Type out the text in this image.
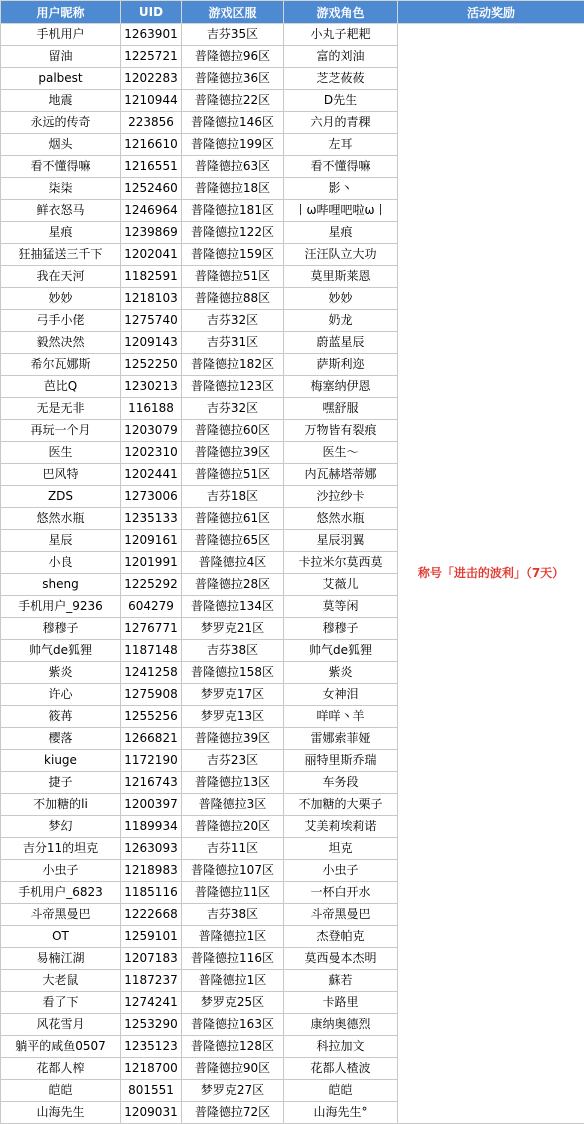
用户昵称	UID	游戏区服	游戏角色	活动奖励
手机用户	1263901	吉芬35区	小丸子耙耙	称号「进击的波利」（7天）
留油	1225721	普隆德拉96区	富的刘油	
palbest	1202283	普隆德拉36区	芝芝莜莜	
地震	1210944	普隆德拉22区	D先生	
永远的传奇	223856	普隆德拉146区	六月的青稞	
烟头	1216610	普隆德拉199区	左耳	
看不懂得嘛	1216551	普隆德拉63区	看不懂得嘛	
柒柒	1252460	普隆德拉18区	影丶	
鲜衣怒马	1246964	普隆德拉181区	丨ω哔哩吧啦ω丨	
星痕	1239869	普隆德拉122区	星痕	
狂抽猛送三千下	1202041	普隆德拉159区	汪汪队立大功	
我在天河	1182591	普隆德拉51区	莫里斯莱恩	
妙妙	1218103	普隆德拉88区	妙妙	
弓手小佬	1275740	吉芬32区	奶龙	
毅然决然	1209143	吉芬31区	蔚蓝星辰	
希尔瓦娜斯	1252250	普隆德拉182区	萨斯利迩	
芭比Q	1230213	普隆德拉123区	梅塞纳伊恩	
无是无非	116188	吉芬32区	嘿舒服	
再玩一个月	1203079	普隆德拉60区	万物皆有裂痕	
医生	1202310	普隆德拉39区	医生～	
巴风特	1202441	普隆德拉51区	内瓦赫塔蒂娜	
ZDS	1273006	吉芬18区	沙拉纱卡	
悠然水瓶	1235133	普隆德拉61区	悠然水瓶	
星辰	1209161	普隆德拉65区	星辰羽翼	
小良	1201991	普隆德拉4区	卡拉米尔莫西莫	
sheng	1225292	普隆德拉28区	艾薇儿	
手机用户_9236	604279	普隆德拉134区	莫等闲	
穆穆子	1276771	梦罗克21区	穆穆子	
帅气de狐狸	1187148	吉芬38区	帅气de狐狸	
紫炎	1241258	普隆德拉158区	紫炎	
许心	1275908	梦罗克17区	女神泪	
筱苒	1255256	梦罗克13区	咩咩丶羊	
樱落	1266821	普隆德拉39区	雷娜索菲娅	
kiuge	1172190	吉芬23区	丽特里斯乔瑞	
捷子	1216743	普隆德拉13区	车务段	
不加糖的li	1200397	普隆德拉3区	不加糖的大栗子	
梦幻	1189934	普隆德拉20区	艾美莉埃莉诺	
吉分11的坦克	1263093	吉芬11区	坦克	
小虫子	1218983	普隆德拉107区	小虫子	
手机用户_6823	1185116	普隆德拉11区	一杯白开水	
斗帝黑曼巴	1222668	吉芬38区	斗帝黑曼巴	
OT	1259101	普隆德拉1区	杰登帕克	
易楠江湖	1207183	普隆德拉116区	莫西曼本杰明	
大老鼠	1187237	普隆德拉1区	蘇若	
看了下	1274241	梦罗克25区	卡路里	
风花雪月	1253290	普隆德拉163区	康纳奥德烈	
躺平的咸鱼0507	1235123	普隆德拉128区	科拉加文	
花都人榨	1218700	普隆德拉90区	花都人楂波	
皑皑	801551	梦罗克27区	皑皑	
山海先生	1209031	普隆德拉72区	山海先生°	
